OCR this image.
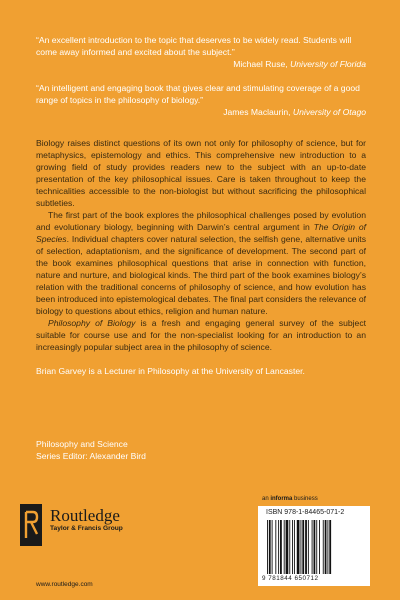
“An excellent introduction to the topic that deserves to be widely read. Students will come away informed and excited about the subject.”

Michael Ruse, University of Florida

“An intelligent and engaging book that gives clear and stimulating coverage of a good range of topics in the philosophy of biology.”

James Maclaurin, University of Otago

Biology raises distinct questions of its own not only for philosophy of science, but for metaphysics, epistemology and ethics. This comprehensive new introduction to a growing field of study provides readers new to the subject with an up-to-date presentation of the key philosophical issues. Care is taken throughout to keep the technicalities accessible to the non-biologist but without sacrificing the philosophical subtleties.

The first part of the book explores the philosophical challenges posed by evolution and evolutionary biology, beginning with Darwin’s central argument in The Origin of Species. Individual chapters cover natural selection, the selfish gene, alternative units of selection, adaptationism, and the significance of development. The second part of the book examines philosophical questions that arise in connection with function, nature and nurture, and biological kinds. The third part of the book examines biology’s relation with the traditional concerns of philosophy of science, and how evolution has been introduced into epistemological debates. The final part considers the relevance of biology to questions about ethics, religion and human nature.

Philosophy of Biology is a fresh and engaging general survey of the subject suitable for course use and for the non-specialist looking for an introduction to an increasingly popular subject area in the philosophy of science.

Brian Garvey is a Lecturer in Philosophy at the University of Lancaster.
Philosophy and Science
Series Editor: Alexander Bird
Routledge
Taylor & Francis Group
www.routledge.com
an informa business
ISBN 978-1-84465-071-2
9 781844 650712
